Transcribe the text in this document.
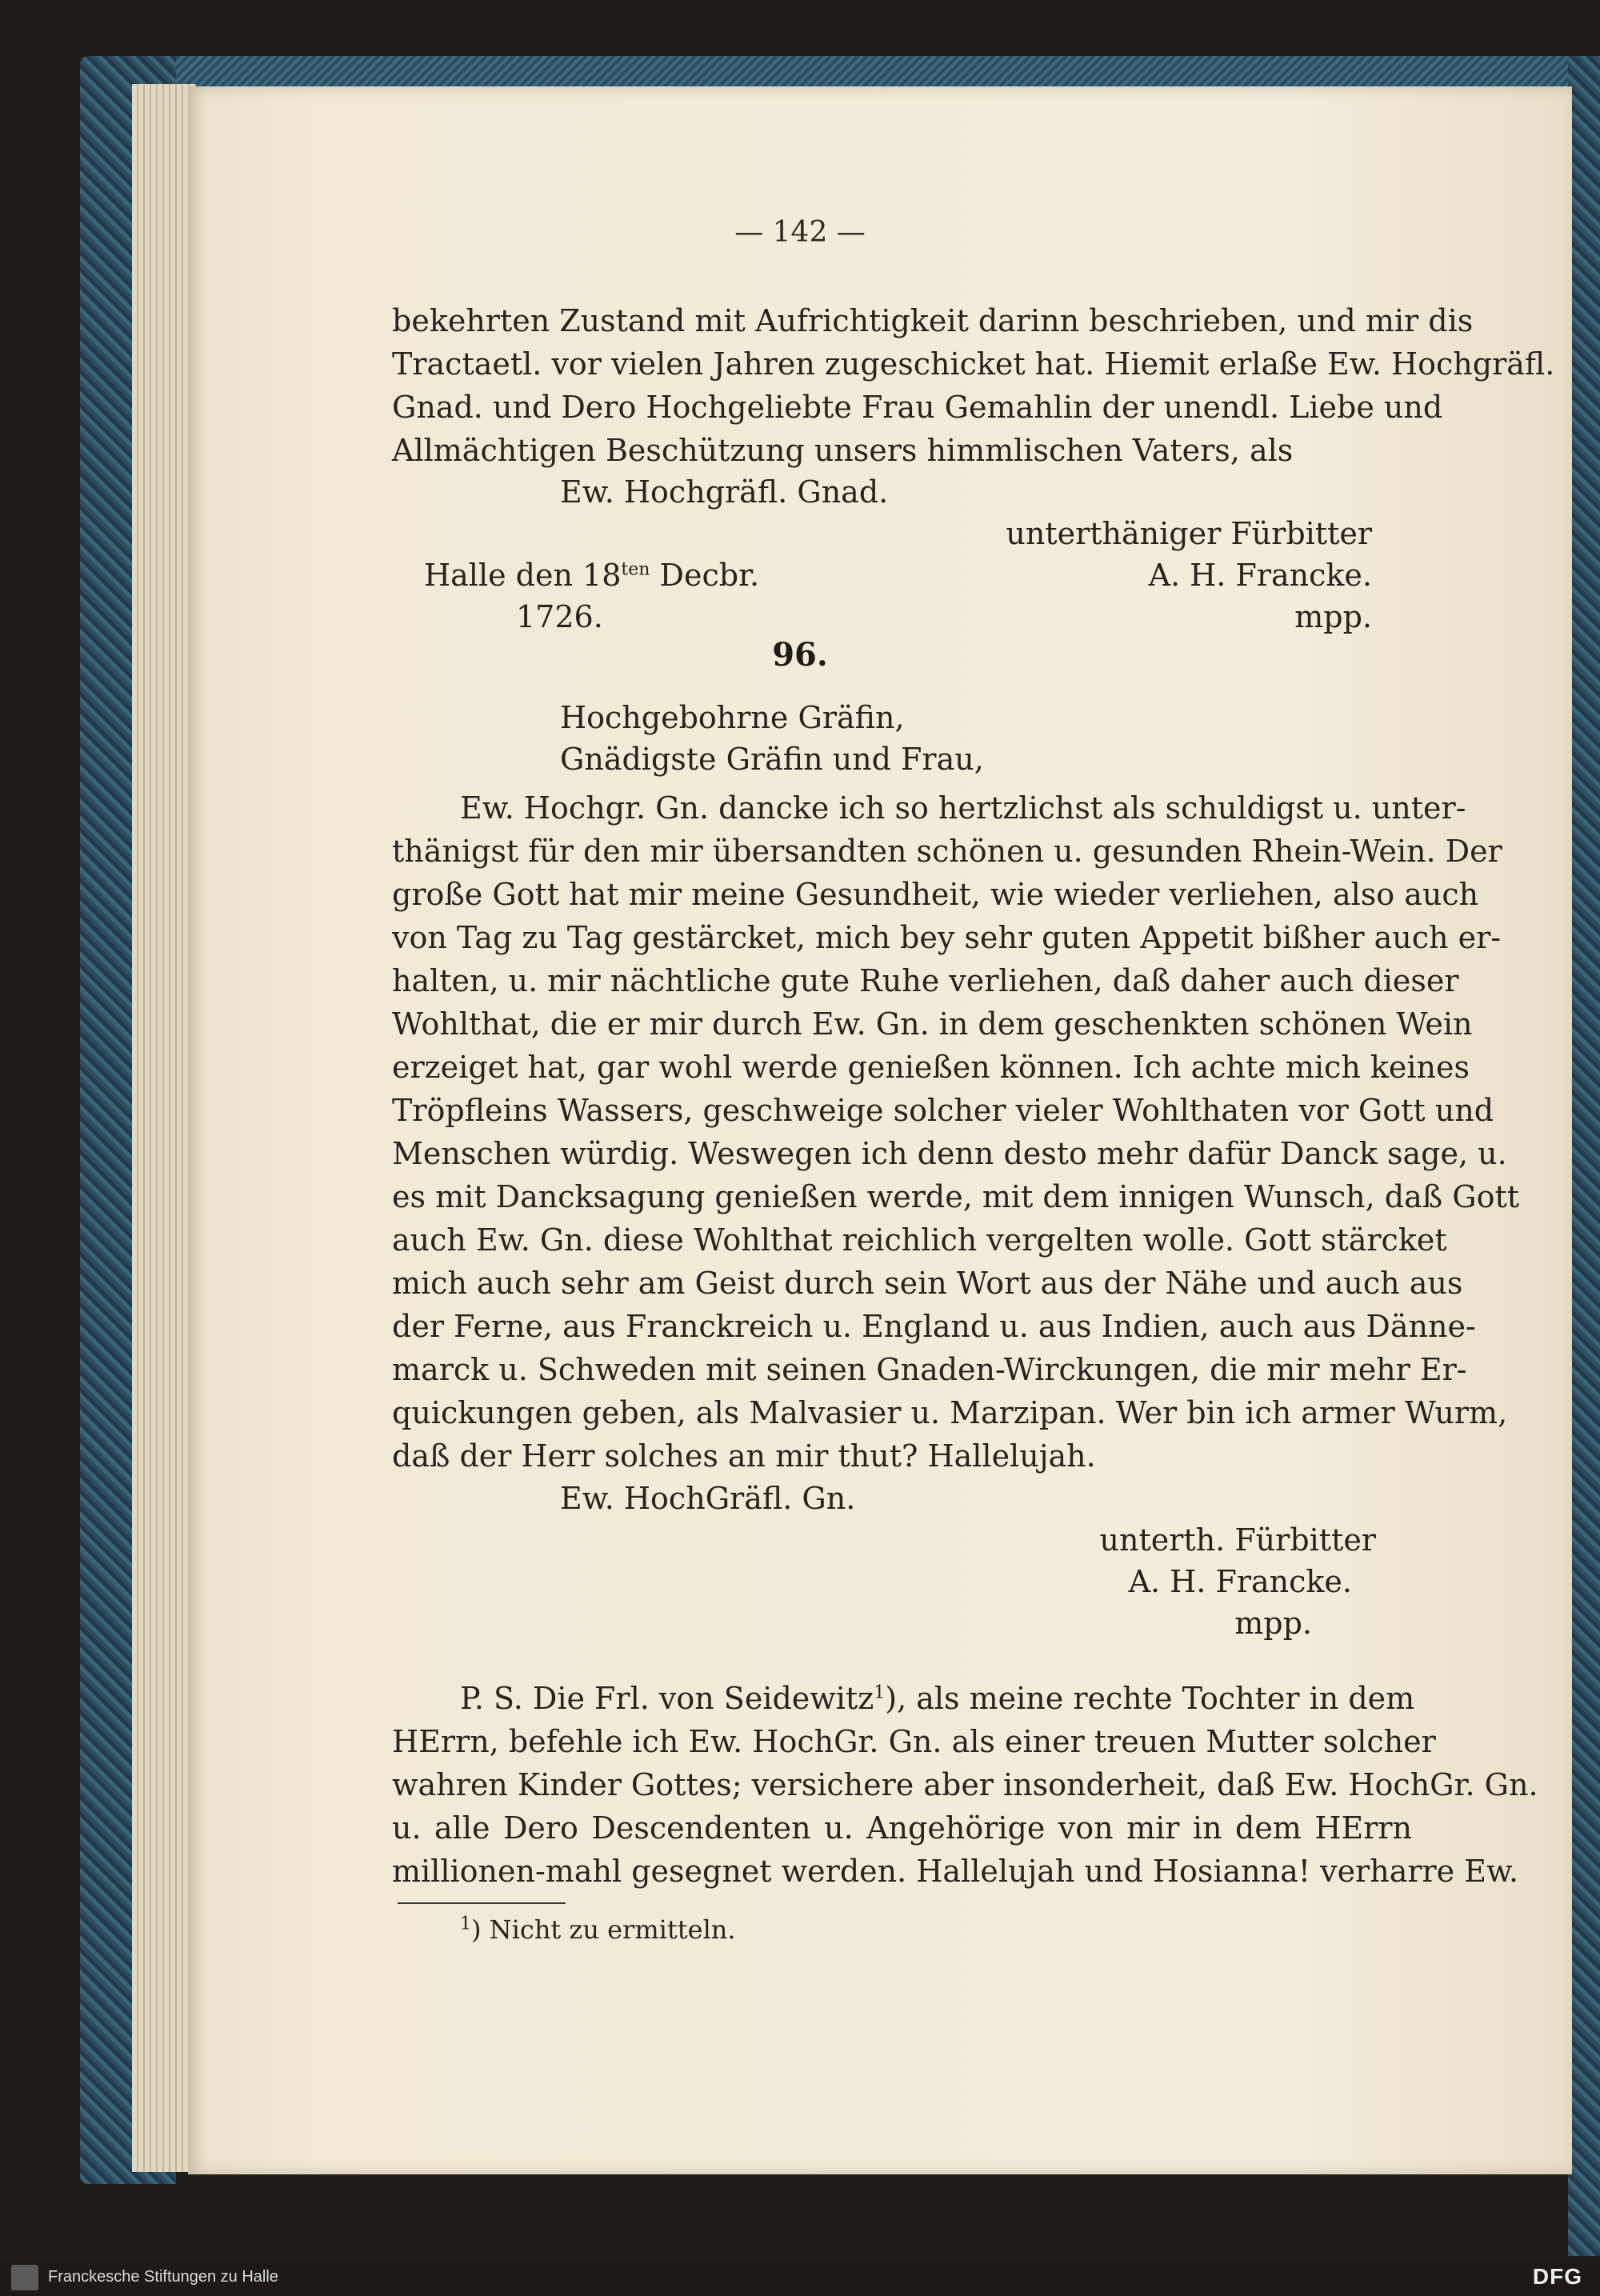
— 142 —
bekehrten Zustand mit Aufrichtigkeit darinn beschrieben, und mir dis
Tractaetl. vor vielen Jahren zugeschicket hat. Hiemit erlaße Ew. Hochgräfl.
Gnad. und Dero Hochgeliebte Frau Gemahlin der unendl. Liebe und
Allmächtigen Beschützung unsers himmlischen Vaters, als
Ew. Hochgräfl. Gnad.
unterthäniger Fürbitter
Halle den $18^{ten}$ Decbr.	A. H. Francke.
1726.	mpp.
96.
Hochgebohrne Gräfin,
Gnädigste Gräfin und Frau,
Ew. Hochgr. Gn. dancke ich so hertzlichst als schuldigst u. unter-
thänigst für den mir übersandten schönen u. gesunden Rhein-Wein. Der
große Gott hat mir meine Gesundheit, wie wieder verliehen, also auch
von Tag zu Tag gestärcket, mich bey sehr guten Appetit bißher auch er-
halten, u. mir nächtliche gute Ruhe verliehen, daß daher auch dieser
Wohlthat, die er mir durch Ew. Gn. in dem geschenkten schönen Wein
erzeiget hat, gar wohl werde genießen können. Ich achte mich keines
Tröpfleins Wassers, geschweige solcher vieler Wohlthaten vor Gott und
Menschen würdig. Weswegen ich denn desto mehr dafür Danck sage, u.
es mit Dancksagung genießen werde, mit dem innigen Wunsch, daß Gott
auch Ew. Gn. diese Wohlthat reichlich vergelten wolle. Gott stärcket
mich auch sehr am Geist durch sein Wort aus der Nähe und auch aus
der Ferne, aus Franckreich u. England u. aus Indien, auch aus Dänne-
marck u. Schweden mit seinen Gnaden-Wirckungen, die mir mehr Er-
quickungen geben, als Malvasier u. Marzipan. Wer bin ich armer Wurm,
daß der Herr solches an mir thut? Hallelujah.
Ew. HochGräfl. Gn.
unterth. Fürbitter
A. H. Francke.
mpp.
P. S. Die Frl. von Seidewitz$^1$), als meine rechte Tochter in dem
HErrn, befehle ich Ew. HochGr. Gn. als einer treuen Mutter solcher
wahren Kinder Gottes; versichere aber insonderheit, daß Ew. HochGr. Gn.
u. alle Dero Descendenten u. Angehörige von mir in dem HErrn
millionen-mahl gesegnet werden. Hallelujah und Hosianna! verharre Ew.
$^1$) Nicht zu ermitteln.
Franckesche Stiftungen zu Halle	DFG
